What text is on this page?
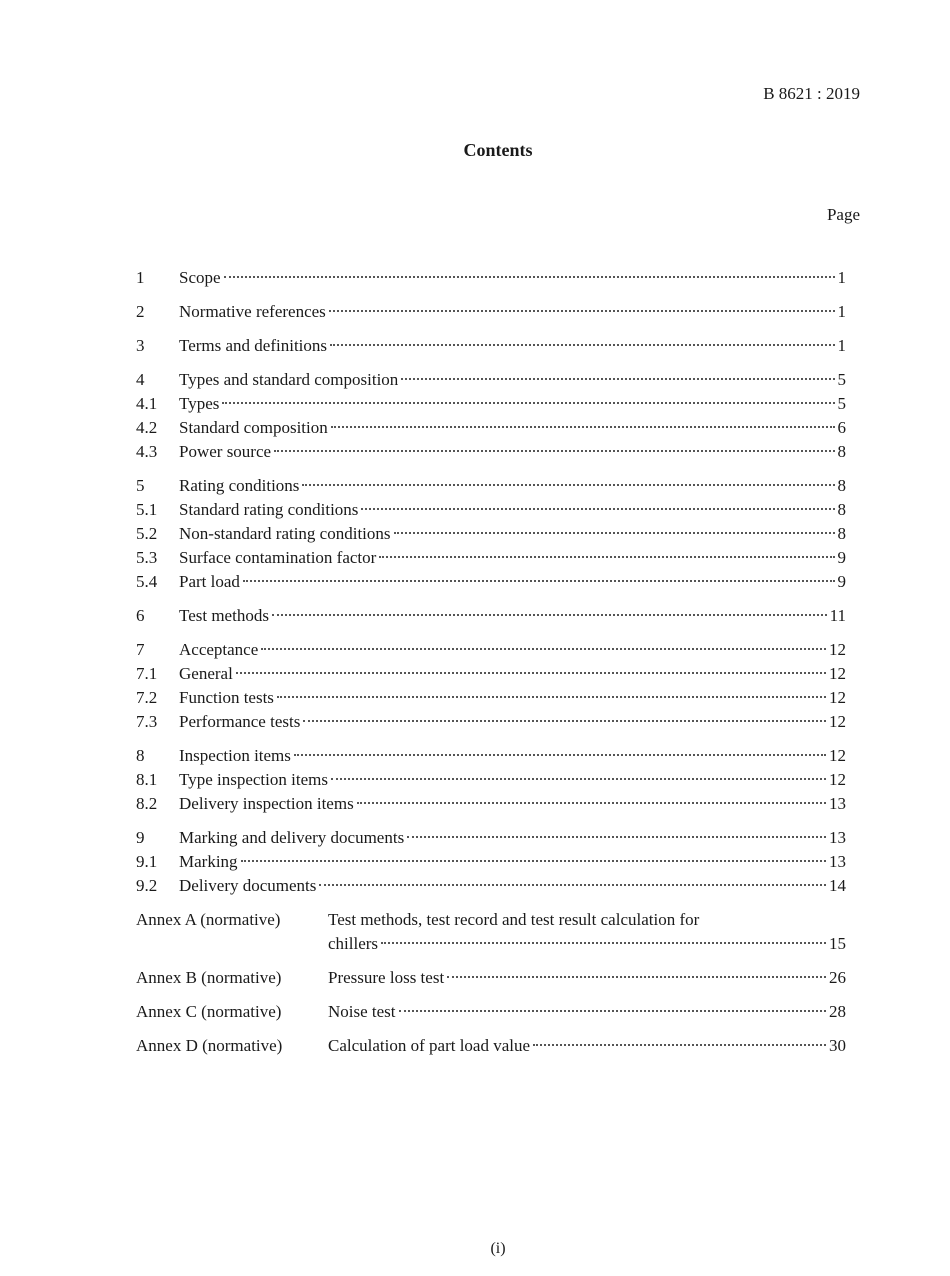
B 8621 : 2019
Contents
Page
1	Scope	1
2	Normative references	1
3	Terms and definitions	1
4	Types and standard composition	5
4.1	Types	5
4.2	Standard composition	6
4.3	Power source	8
5	Rating conditions	8
5.1	Standard rating conditions	8
5.2	Non-standard rating conditions	8
5.3	Surface contamination factor	9
5.4	Part load	9
6	Test methods	11
7	Acceptance	12
7.1	General	12
7.2	Function tests	12
7.3	Performance tests	12
8	Inspection items	12
8.1	Type inspection items	12
8.2	Delivery inspection items	13
9	Marking and delivery documents	13
9.1	Marking	13
9.2	Delivery documents	14
Annex A (normative)	Test methods, test record and test result calculation for
chillers	15
Annex B (normative)	Pressure loss test	26
Annex C (normative)	Noise test	28
Annex D (normative)	Calculation of part load value	30
(i)
